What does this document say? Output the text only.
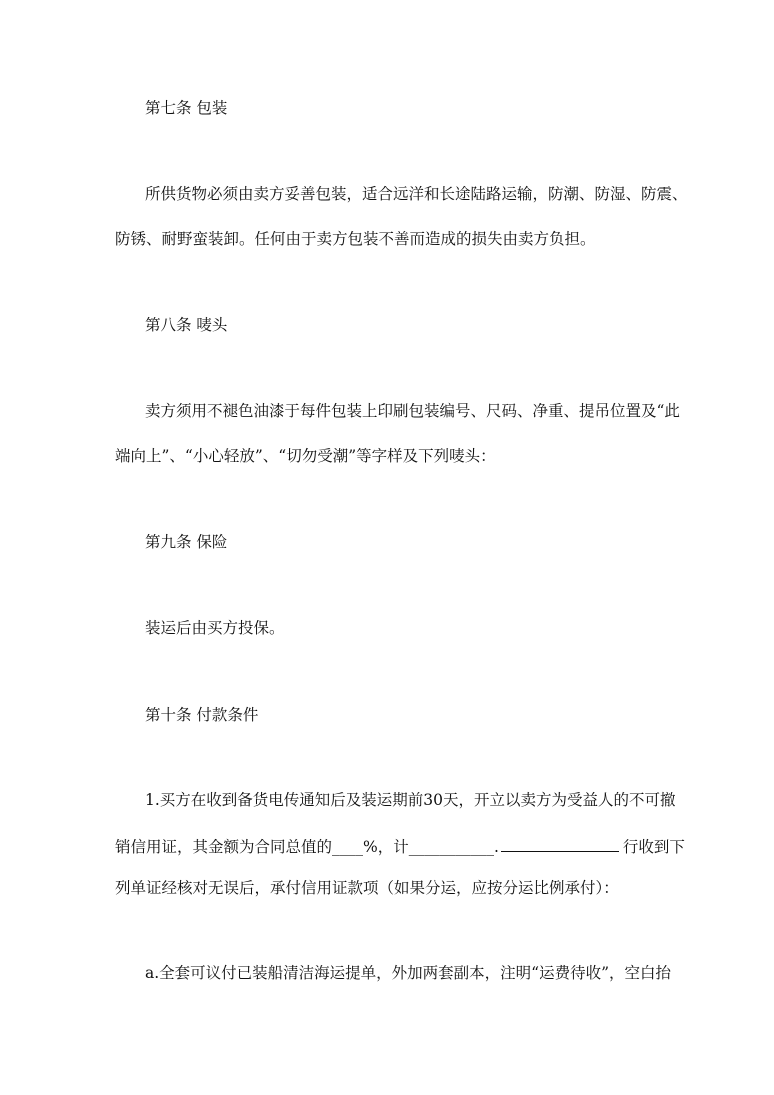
第七条 包装
所供货物必须由卖方妥善包装，适合远洋和长途陆路运输，防潮、防湿、防震、
防锈、耐野蛮装卸。任何由于卖方包装不善而造成的损失由卖方负担。
第八条 唛头
卖方须用不褪色油漆于每件包装上印刷包装编号、尺码、净重、提吊位置及“此
端向上”、“小心轻放”、“切勿受潮”等字样及下列唛头：
第九条 保险
装运后由买方投保。
第十条 付款条件
1.买方在收到备货电传通知后及装运期前30天，开立以卖方为受益人的不可撤
销信用证，其金额为合同总值的____%，计___________.	行收到下
列单证经核对无误后，承付信用证款项（如果分运，应按分运比例承付）：
a.全套可议付已装船清洁海运提单，外加两套副本，注明“运费待收”，空白抬
